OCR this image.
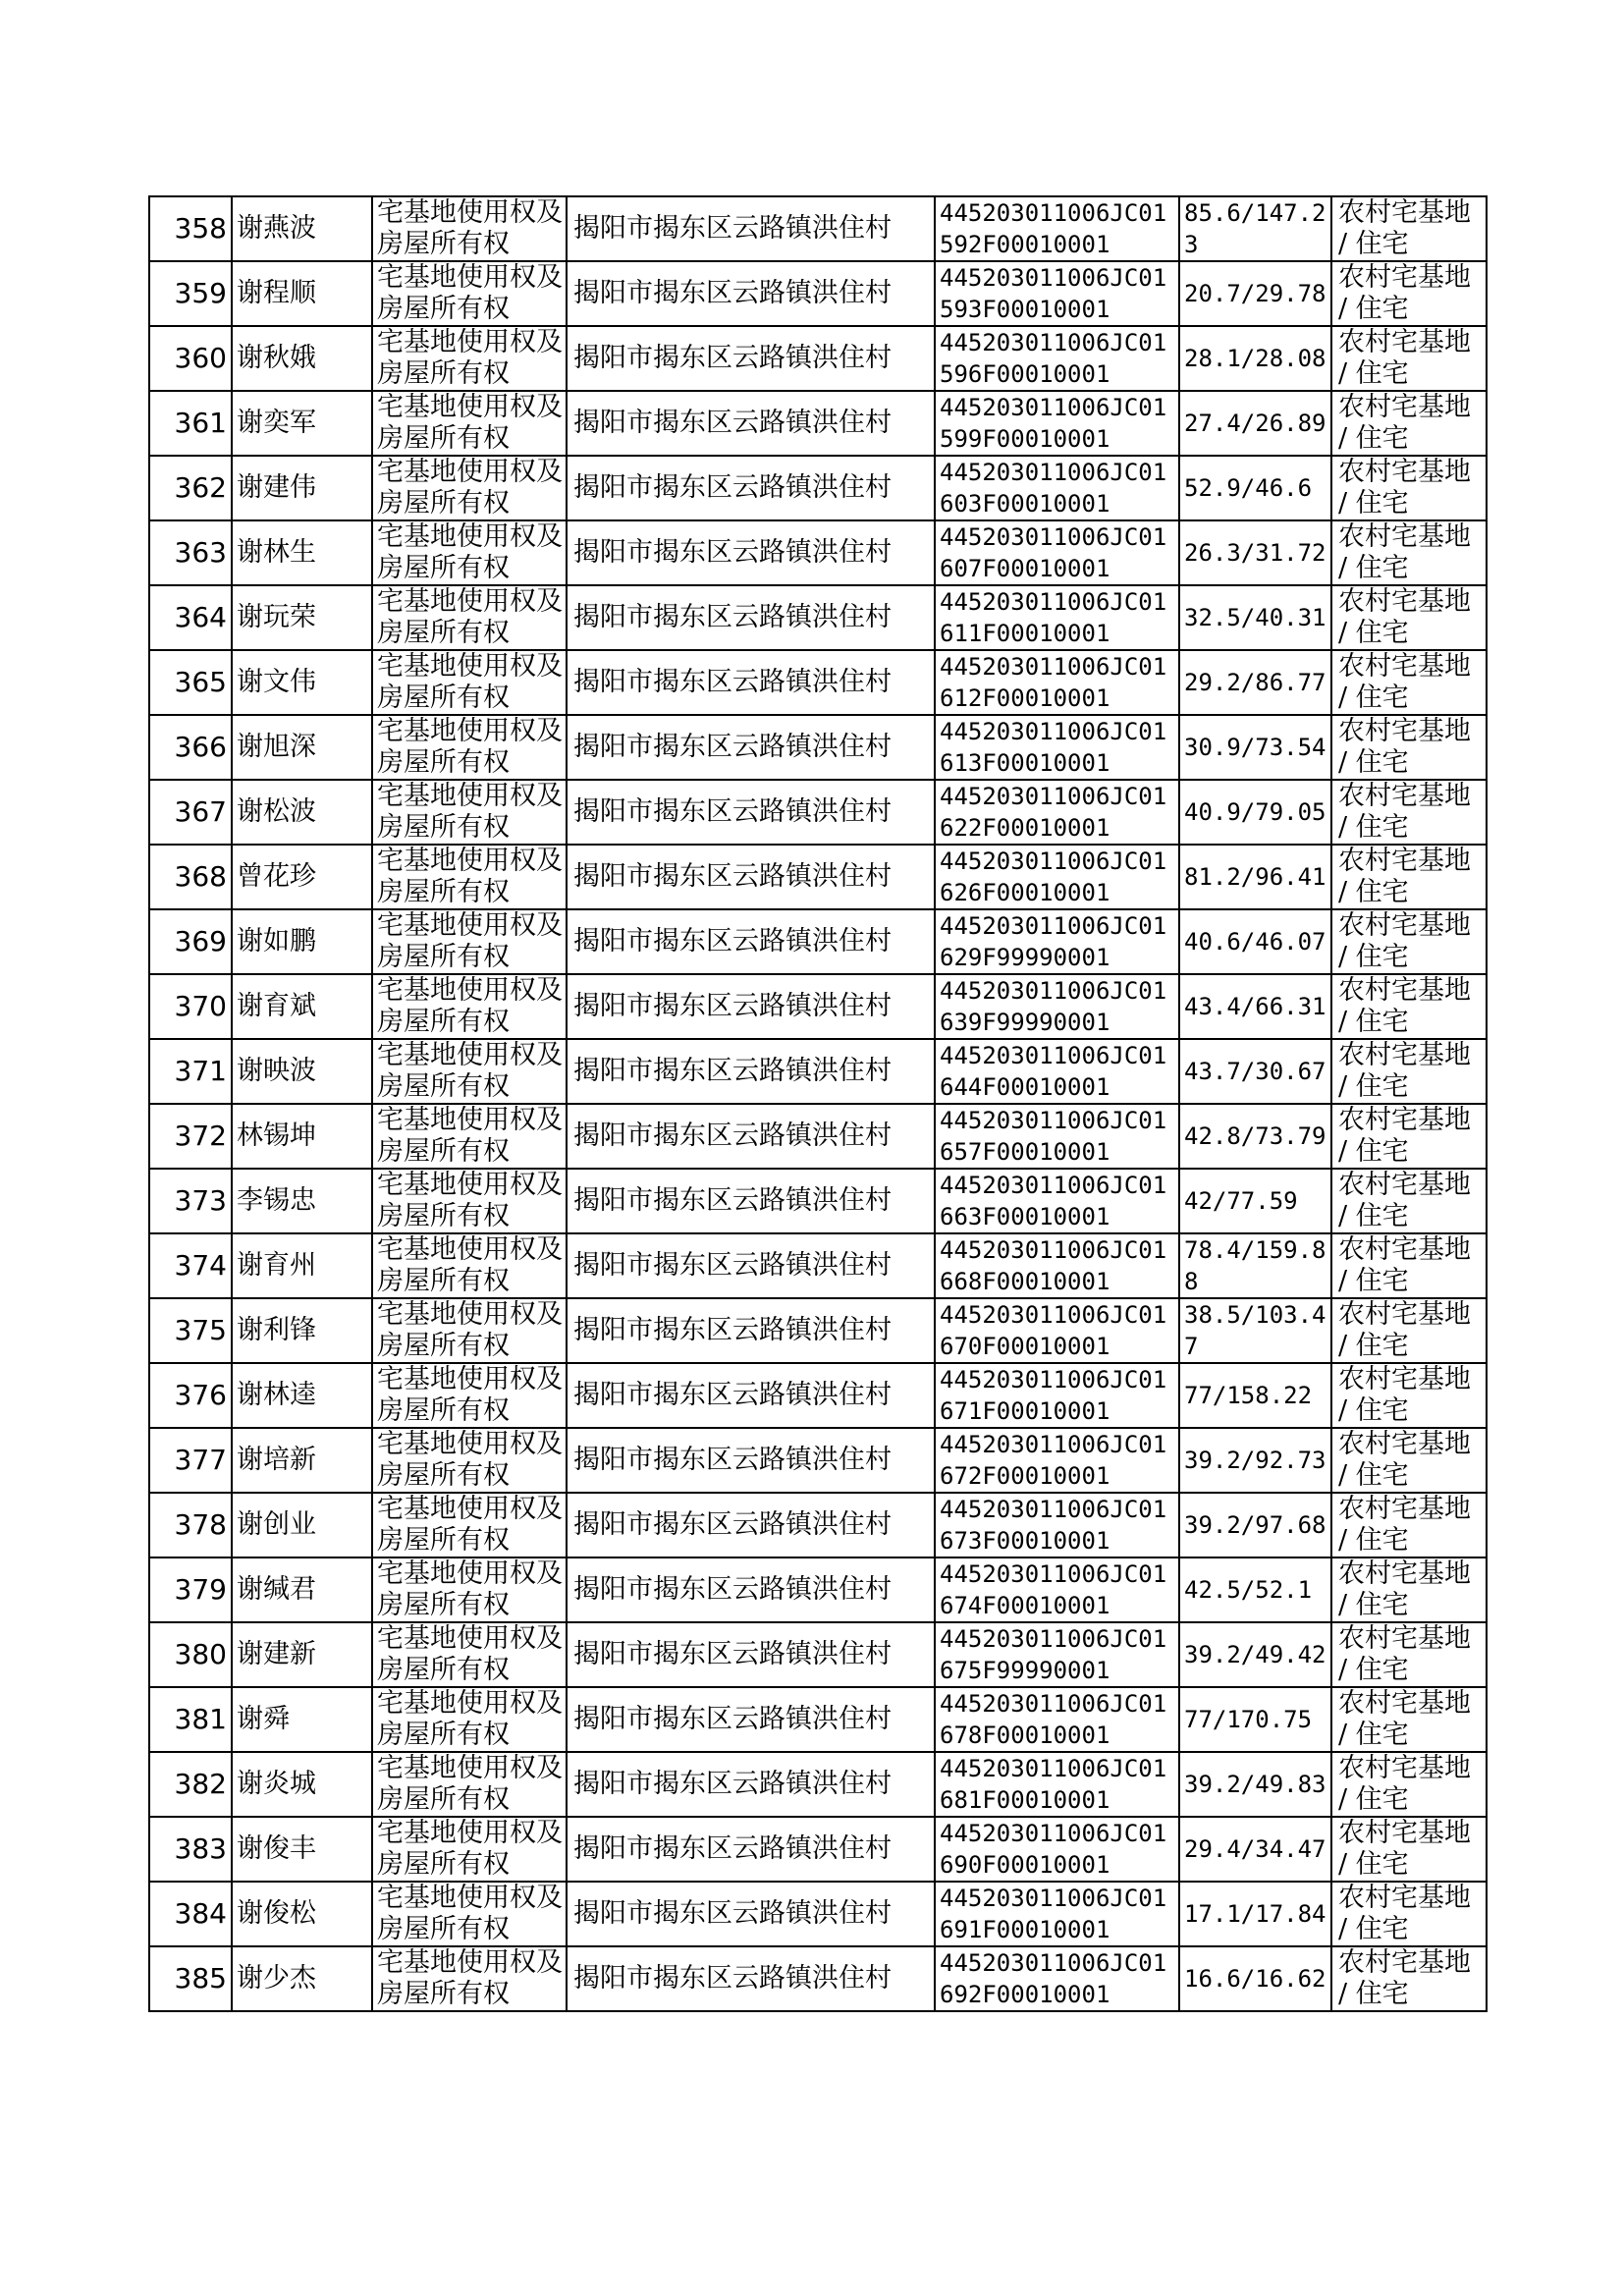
358	谢燕波	宅基地使用权及房屋所有权	揭阳市揭东区云路镇洪住村	445203011006JC01592F00010001	85.6/147.23	农村宅基地 / 住宅
359	谢程顺	宅基地使用权及房屋所有权	揭阳市揭东区云路镇洪住村	445203011006JC01593F00010001	20.7/29.78	农村宅基地 / 住宅
360	谢秋娥	宅基地使用权及房屋所有权	揭阳市揭东区云路镇洪住村	445203011006JC01596F00010001	28.1/28.08	农村宅基地 / 住宅
361	谢奕军	宅基地使用权及房屋所有权	揭阳市揭东区云路镇洪住村	445203011006JC01599F00010001	27.4/26.89	农村宅基地 / 住宅
362	谢建伟	宅基地使用权及房屋所有权	揭阳市揭东区云路镇洪住村	445203011006JC01603F00010001	52.9/46.6	农村宅基地 / 住宅
363	谢林生	宅基地使用权及房屋所有权	揭阳市揭东区云路镇洪住村	445203011006JC01607F00010001	26.3/31.72	农村宅基地 / 住宅
364	谢玩荣	宅基地使用权及房屋所有权	揭阳市揭东区云路镇洪住村	445203011006JC01611F00010001	32.5/40.31	农村宅基地 / 住宅
365	谢文伟	宅基地使用权及房屋所有权	揭阳市揭东区云路镇洪住村	445203011006JC01612F00010001	29.2/86.77	农村宅基地 / 住宅
366	谢旭深	宅基地使用权及房屋所有权	揭阳市揭东区云路镇洪住村	445203011006JC01613F00010001	30.9/73.54	农村宅基地 / 住宅
367	谢松波	宅基地使用权及房屋所有权	揭阳市揭东区云路镇洪住村	445203011006JC01622F00010001	40.9/79.05	农村宅基地 / 住宅
368	曾花珍	宅基地使用权及房屋所有权	揭阳市揭东区云路镇洪住村	445203011006JC01626F00010001	81.2/96.41	农村宅基地 / 住宅
369	谢如鹏	宅基地使用权及房屋所有权	揭阳市揭东区云路镇洪住村	445203011006JC01629F99990001	40.6/46.07	农村宅基地 / 住宅
370	谢育斌	宅基地使用权及房屋所有权	揭阳市揭东区云路镇洪住村	445203011006JC01639F99990001	43.4/66.31	农村宅基地 / 住宅
371	谢映波	宅基地使用权及房屋所有权	揭阳市揭东区云路镇洪住村	445203011006JC01644F00010001	43.7/30.67	农村宅基地 / 住宅
372	林锡坤	宅基地使用权及房屋所有权	揭阳市揭东区云路镇洪住村	445203011006JC01657F00010001	42.8/73.79	农村宅基地 / 住宅
373	李锡忠	宅基地使用权及房屋所有权	揭阳市揭东区云路镇洪住村	445203011006JC01663F00010001	42/77.59	农村宅基地 / 住宅
374	谢育州	宅基地使用权及房屋所有权	揭阳市揭东区云路镇洪住村	445203011006JC01668F00010001	78.4/159.88	农村宅基地 / 住宅
375	谢利锋	宅基地使用权及房屋所有权	揭阳市揭东区云路镇洪住村	445203011006JC01670F00010001	38.5/103.47	农村宅基地 / 住宅
376	谢林逵	宅基地使用权及房屋所有权	揭阳市揭东区云路镇洪住村	445203011006JC01671F00010001	77/158.22	农村宅基地 / 住宅
377	谢培新	宅基地使用权及房屋所有权	揭阳市揭东区云路镇洪住村	445203011006JC01672F00010001	39.2/92.73	农村宅基地 / 住宅
378	谢创业	宅基地使用权及房屋所有权	揭阳市揭东区云路镇洪住村	445203011006JC01673F00010001	39.2/97.68	农村宅基地 / 住宅
379	谢缄君	宅基地使用权及房屋所有权	揭阳市揭东区云路镇洪住村	445203011006JC01674F00010001	42.5/52.1	农村宅基地 / 住宅
380	谢建新	宅基地使用权及房屋所有权	揭阳市揭东区云路镇洪住村	445203011006JC01675F99990001	39.2/49.42	农村宅基地 / 住宅
381	谢舜	宅基地使用权及房屋所有权	揭阳市揭东区云路镇洪住村	445203011006JC01678F00010001	77/170.75	农村宅基地 / 住宅
382	谢炎城	宅基地使用权及房屋所有权	揭阳市揭东区云路镇洪住村	445203011006JC01681F00010001	39.2/49.83	农村宅基地 / 住宅
383	谢俊丰	宅基地使用权及房屋所有权	揭阳市揭东区云路镇洪住村	445203011006JC01690F00010001	29.4/34.47	农村宅基地 / 住宅
384	谢俊松	宅基地使用权及房屋所有权	揭阳市揭东区云路镇洪住村	445203011006JC01691F00010001	17.1/17.84	农村宅基地 / 住宅
385	谢少杰	宅基地使用权及房屋所有权	揭阳市揭东区云路镇洪住村	445203011006JC01692F00010001	16.6/16.62	农村宅基地 / 住宅
